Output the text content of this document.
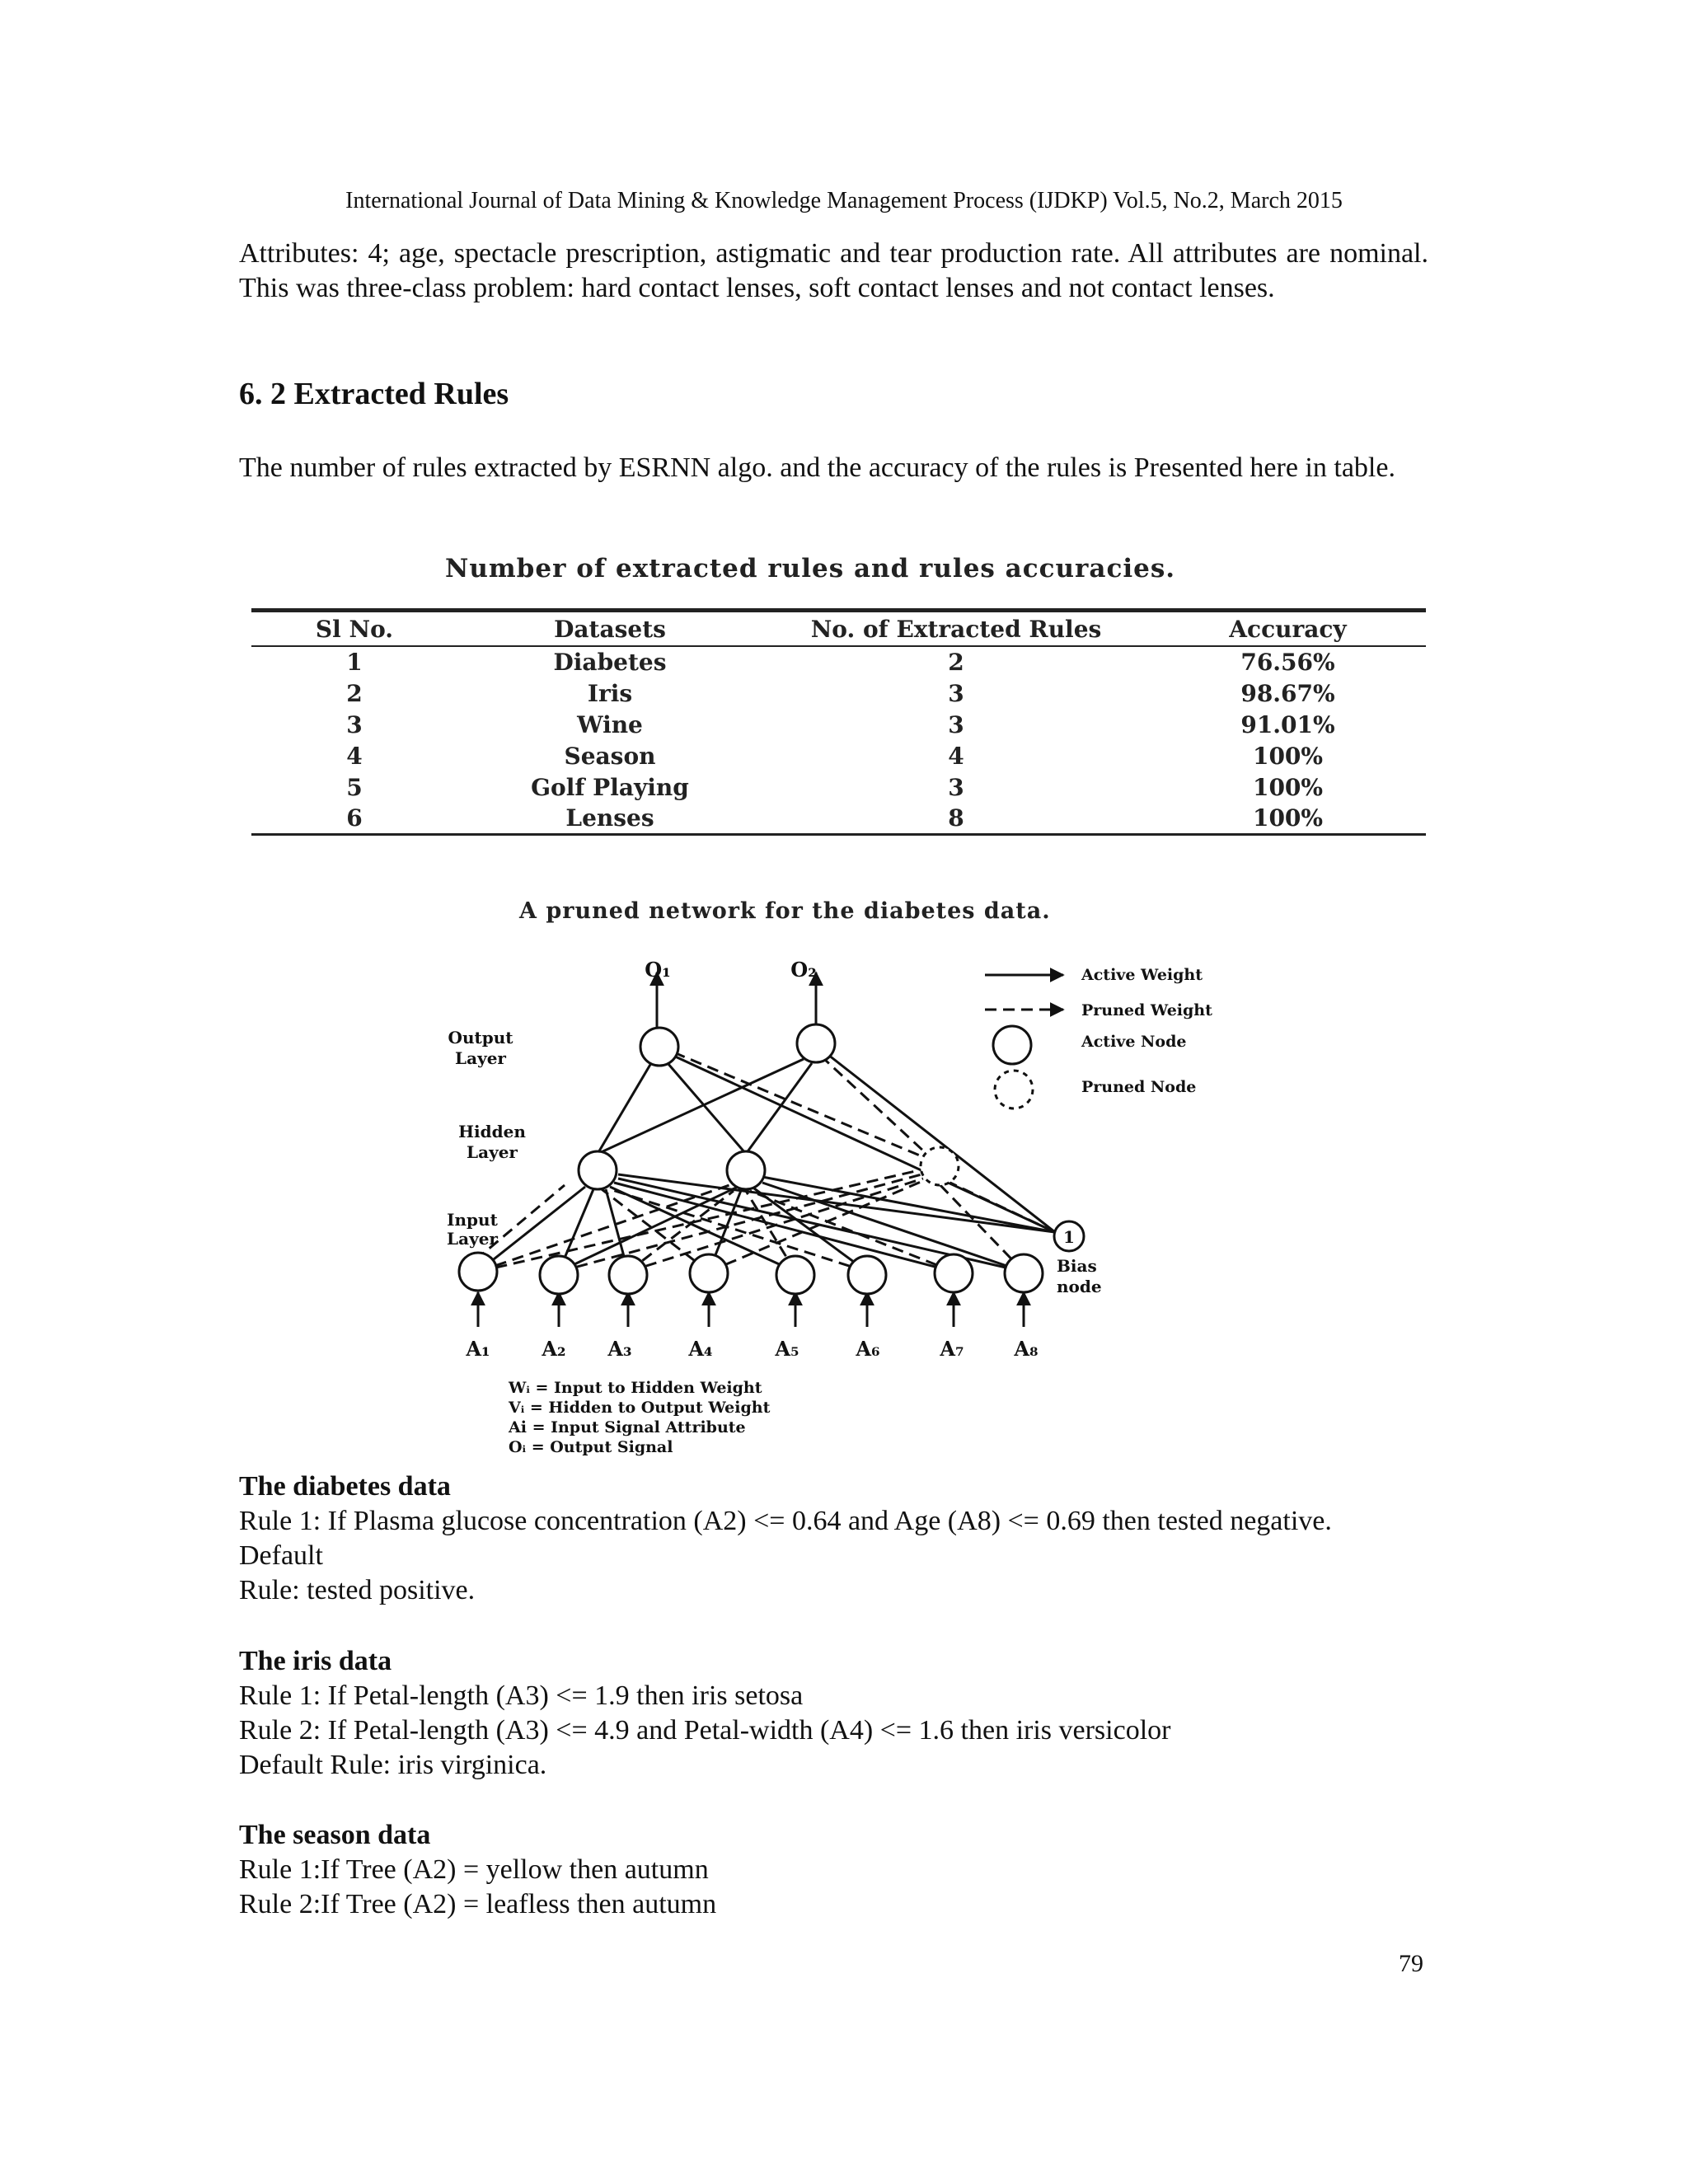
International Journal of Data Mining & Knowledge Management Process (IJDKP) Vol.5, No.2, March 2015
Attributes: 4; age, spectacle prescription, astigmatic and tear production rate. All attributes are nominal. This was three-class problem: hard contact lenses, soft contact lenses and not contact lenses.
6. 2 Extracted Rules
The number of rules extracted by ESRNN algo. and the accuracy of the rules is Presented here in table.
Number of extracted rules and rules accuracies.
Sl No.	Datasets	No. of Extracted Rules	Accuracy
1	Diabetes	2	76.56%
2	Iris	3	98.67%
3	Wine	3	91.01%
4	Season	4	100%
5	Golf Playing	3	100%
6	Lenses	8	100%
A pruned network for the diabetes data.
1
O₁	O₂
Output
Layer
Hidden
Layer
Input
Layer
Bias
node
A₁	A₂ A₃	A₄	A₅	A₆	A₇	A₈
Active Weight
Pruned Weight
Active Node
Pruned Node
Wᵢ = Input to Hidden Weight
Vᵢ = Hidden to Output Weight
Ai = Input Signal Attribute
Oᵢ = Output Signal
The diabetes data
Rule 1: If Plasma glucose concentration (A2) <= 0.64 and Age (A8) <= 0.69 then tested negative.
Default
Rule: tested positive.
The iris data
Rule 1: If Petal-length (A3) <= 1.9 then iris setosa
Rule 2: If Petal-length (A3) <= 4.9 and Petal-width (A4) <= 1.6 then iris versicolor
Default Rule: iris virginica.
The season data
Rule 1:If Tree (A2) = yellow then autumn
Rule 2:If Tree (A2) = leafless then autumn
79
